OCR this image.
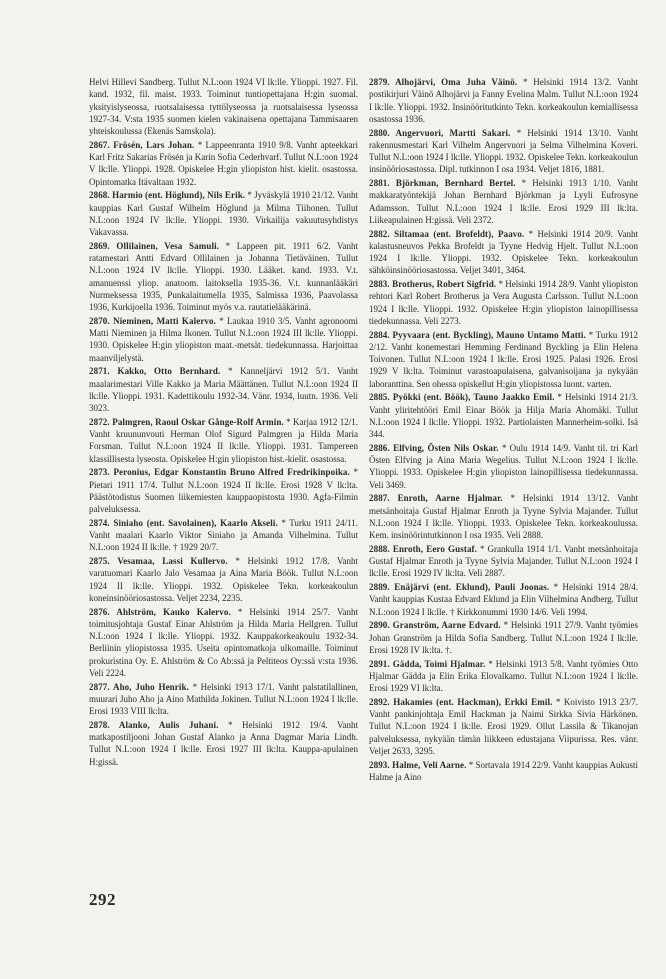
Helvi Hillevi Sandberg. Tullut N.L:oon 1924 VI lk:lle. Ylioppi. 1927. Fil. kand. 1932, fil. maist. 1933. Toiminut tuntiopettajana H:gin suomal. yksityislyseossa, ruotsalaisessa tyttölyseossa ja ruotsalaisessa lyseossa 1927-34. V:sta 1935 suomen kielen vakinaisena opettajana Tammisaaren yhteiskoulussa (Ekenäs Samskola).

2867. Frösén, Lars Johan. * Lappeenranta 1910 9/8. Vanht apteekkari Karl Fritz Sakarias Frösén ja Karin Sofia Cederhvarf. Tullut N.L:oon 1924 V lk:lle. Ylioppi. 1928. Opiskelee H:gin yliopiston hist. kielit. osastossa. Opintomatka Itävaltaan 1932.

2868. Harmio (ent. Höglund), Nils Erik. * Jyväskylä 1910 21/12. Vanht kauppias Karl Gustaf Wilhelm Höglund ja Milma Tiihonen. Tullut N.L:oon 1924 IV lk:lle. Ylioppi. 1930. Virkailija vakuutusyhdistys Vakavassa.

2869. Ollilainen, Vesa Samuli. * Lappeen pit. 1911 6/2. Vanht ratamestari Antti Edvard Ollilainen ja Johanna Tietäväinen. Tullut N.L:oon 1924 IV lk:lle. Ylioppi. 1930. Lääket. kand. 1933. V.t. amanuenssi yliop. anatoom. laitoksella 1935-36. V.t. kunnanlääkäri Nurmeksessa 1935, Punkalaitumella 1935, Salmissa 1936, Paavolassa 1936, Kurkijoella 1936. Toiminut myös v.a. rautatielääkärinä.

2870. Nieminen, Matti Kalervo. * Laukaa 1910 3/5. Vanht agronoomi Matti Nieminen ja Hilma Ikonen. Tullut N.L:oon 1924 III lk:lle. Ylioppi. 1930. Opiskelee H:gin yliopiston maat.-metsät. tiedekunnassa. Harjoittaa maanviljelystä.

2871. Kakko, Otto Bernhard. * Kanneljärvi 1912 5/1. Vanht maalarimestari Ville Kakko ja Maria Määttänen. Tullut N.L:oon 1924 II lk:lle. Ylioppi. 1931. Kadettikoulu 1932-34. Vänr. 1934, luutn. 1936. Veli 3023.

2872. Palmgren, Raoul Oskar Gånge-Rolf Armin. * Karjaa 1912 12/1. Vanht kruununvouti Herman Olof Sigurd Palmgren ja Hilda Maria Forsman. Tullut N.L:oon 1924 II lk:lle. Ylioppi. 1931. Tampereen klassillisesta lyseosta. Opiskelee H:gin yliopiston hist.-kielit. osastossa.

2873. Peronius, Edgar Konstantin Bruno Alfred Fredrikinpoika. * Pietari 1911 17/4. Tullut N.L:oon 1924 II lk:lle. Erosi 1928 V lk:lta. Päästötodistus Suomen liikemiesten kauppaopistosta 1930. Agfa-Filmin palveluksessa.

2874. Siniaho (ent. Savolainen), Kaarlo Akseli. * Turku 1911 24/11. Vanht maalari Kaarlo Viktor Siniaho ja Amanda Vilhelmina. Tullut N.L:oon 1924 II lk:lle. † 1929 20/7.

2875. Vesamaa, Lassi Kullervo. * Helsinki 1912 17/8. Vanht varatuomari Kaarlo Jalo Vesamaa ja Aina Maria Böök. Tullut N.L:oon 1924 II lk:lle. Ylioppi. 1932. Opiskelee Tekn. korkeakoulun koneinsinööriosastossa. Veljet 2234, 2235.

2876. Ahlström, Kauko Kalervo. * Helsinki 1914 25/7. Vanht toimitusjohtaja Gustaf Einar Ahlström ja Hilda Maria Hellgren. Tullut N.L:oon 1924 I lk:lle. Ylioppi. 1932. Kauppakorkeakoulu 1932-34. Berliinin yliopistossa 1935. Useita opintomatkoja ulkomaille. Toiminut prokuristina Oy. E. Ahlström & Co Ab:ssä ja Peltiteos Oy:ssä v:sta 1936. Veli 2224.

2877. Aho, Juho Henrik. * Helsinki 1913 17/1. Vanht palstatilallinen, muurari Juho Aho ja Aino Mathilda Jokinen. Tullut N.L:oon 1924 I lk:lle. Erosi 1933 VIII lk:lta.

2878. Alanko, Aulis Juhani. * Helsinki 1912 19/4. Vanht matkapostiljooni Johan Gustaf Alanko ja Anna Dagmar Maria Lindh. Tullut N.L:oon 1924 I lk:lle. Erosi 1927 III lk:lta. Kauppa-apulainen H:gissä.

2879. Alhojärvi, Oma Juha Väinö. * Helsinki 1914 13/2. Vanht postikirjuri Väinö Alhojärvi ja Fanny Evelina Malm. Tullut N.L:oon 1924 I lk:lle. Ylioppi. 1932. Insinööritutkinto Tekn. korkeakoulun kemiallisessa osastossa 1936.

2880. Angervuori, Martti Sakari. * Helsinki 1914 13/10. Vanht rakennusmestari Karl Vilhelm Angervuori ja Selma Vilhelmina Koveri. Tullut N.L:oon 1924 I lk:lle. Ylioppi. 1932. Opiskelee Tekn. korkeakoulun insinööriosastossa. Dipl. tutkinnon I osa 1934. Veljet 1816, 1881.

2881. Björkman, Bernhard Bertel. * Helsinki 1913 1/10. Vanht makkaratyöntekijä Johan Bernhard Björkman ja Lyyli Eufrosyne Adamsson. Tullut N.L:oon 1924 I lk:lle. Erosi 1929 III lk:lta. Liikeapulainen H:gissä. Veli 2372.

2882. Siltamaa (ent. Brofeldt), Paavo. * Helsinki 1914 20/9. Vanht kalastusneuvos Pekka Brofeldt ja Tyyne Hedvig Hjelt. Tullut N.L:oon 1924 I lk:lle. Ylioppi. 1932. Opiskelee Tekn. korkeakoulun sähköinsinööriosastossa. Veljet 3401, 3464.

2883. Brotherus, Robert Sigfrid. * Helsinki 1914 28/9. Vanht yliopiston rehtori Karl Robert Brotherus ja Vera Augusta Carlsson. Tullut N.L:oon 1924 I lk:lle. Ylioppi. 1932. Opiskelee H:gin yliopiston lainopillisessa tiedekunnassa. Veli 2273.

2884. Pyyvaara (ent. Byckling), Mauno Untamo Matti. * Turku 1912 2/12. Vanht konemestari Hemming Ferdinand Byckling ja Elin Helena Toivonen. Tullut N.L:oon 1924 I lk:lle. Erosi 1925. Palasi 1926. Erosi 1929 V lk:lta. Toiminut varastoapulaisena, galvanisoijana ja nykyään laboranttina. Sen ohessa opiskellut H:gin yliopistossa luont. varten.

2885. Pyökki (ent. Böök), Tauno Jaakko Emil. * Helsinki 1914 21/3. Vanht yliritehtööri Emil Einar Böök ja Hilja Maria Ahomäki. Tullut N.L:oon 1924 I lk:lle. Ylioppi. 1932. Partiolaisten Mannerheim-solki. Isä 344.

2886. Elfving, Östen Nils Oskar. * Oulu 1914 14/9. Vanht til. tri Karl Östen Elfving ja Aina Maria Wegelius. Tullut N.L:oon 1924 I lk:lle. Ylioppi. 1933. Opiskelee H:gin yliopiston lainopillisessa tiedekunnassa. Veli 3469.

2887. Enroth, Aarne Hjalmar. * Helsinki 1914 13/12. Vanht metsänhoitaja Gustaf Hjalmar Enroth ja Tyyne Sylvia Majander. Tullut N.L:oon 1924 I lk:lle. Ylioppi. 1933. Opiskelee Tekn. korkeakoulussa. Kem. insinöörintutkinnon I osa 1935. Veli 2888.

2888. Enroth, Eero Gustaf. * Grankulla 1914 1/1. Vanht metsänhoitaja Gustaf Hjalmar Enroth ja Tyyne Sylvia Majander. Tullut N.L:oon 1924 I lk:lle. Erosi 1929 IV lk:lta. Veli 2887.

2889. Enäjärvi (ent. Eklund), Pauli Joonas. * Helsinki 1914 28/4. Vanht kauppias Kustaa Edvard Eklund ja Elin Vilhelmina Andberg. Tullut N.L:oon 1924 I lk:lle. † Kirkkonummi 1930 14/6. Veli 1994.

2890. Granström, Aarne Edvard. * Helsinki 1911 27/9. Vanht työmies Johan Granström ja Hilda Sofia Sandberg. Tullut N.L:oon 1924 I lk:lle. Erosi 1928 IV lk:lta. †.

2891. Gädda, Toimi Hjalmar. * Helsinki 1913 5/8. Vanht työmies Otto Hjalmar Gädda ja Elin Erika Elovalkamo. Tullut N.L:oon 1924 I lk:lle. Erosi 1929 VI lk:lta.

2892. Hakamies (ent. Hackman), Erkki Emil. * Koivisto 1913 23/7. Vanht pankinjohtaja Emil Hackman ja Naimi Sirkka Sivia Härkönen. Tullut N.L:oon 1924 I lk:lle. Erosi 1929. Ollut Lassila & Tikanojan palveluksessa, nykyään tämän liikkeen edustajana Viipurissa. Res. vänr. Veljet 2633, 3295.

2893. Halme, Veli Aarne. * Sortavala 1914 22/9. Vanht kauppias Aukusti Halme ja Aino

292
